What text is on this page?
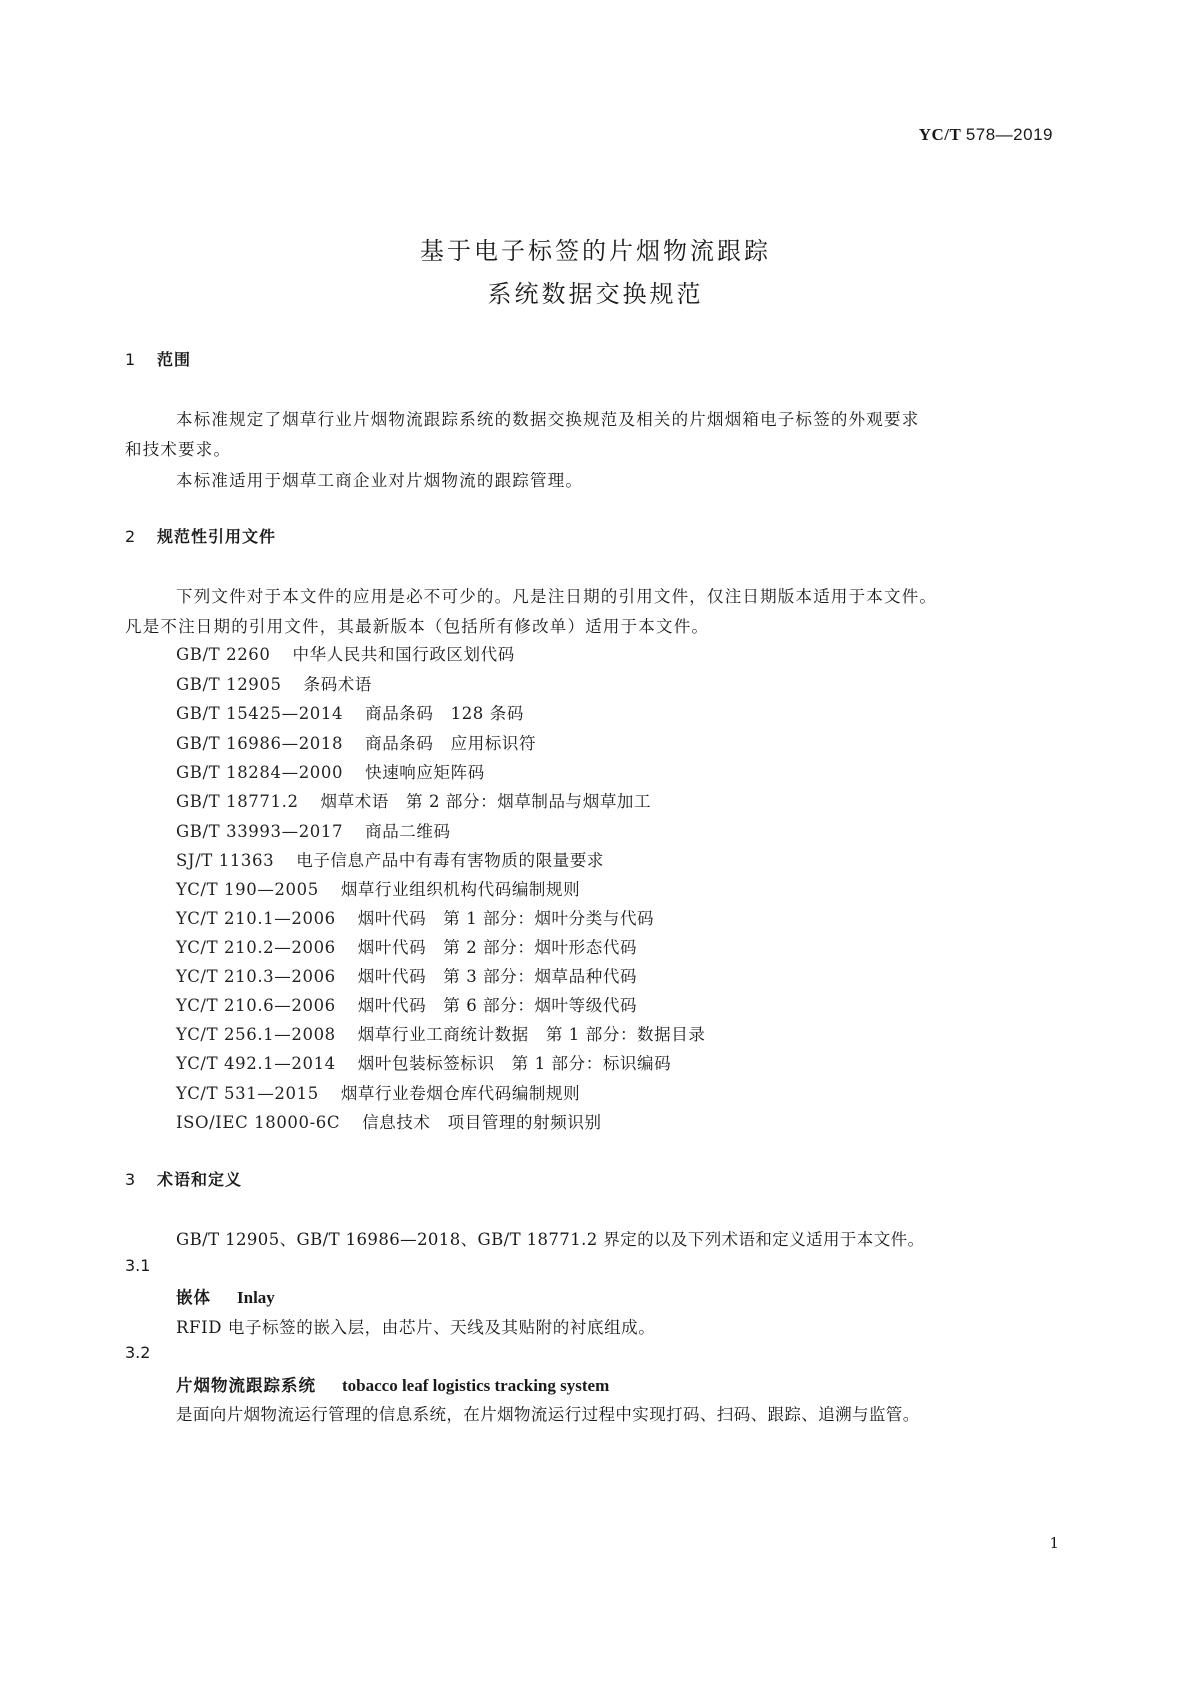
YC/T 578—2019
基于电子标签的片烟物流跟踪
系统数据交换规范
1 范围
本标准规定了烟草行业片烟物流跟踪系统的数据交换规范及相关的片烟烟箱电子标签的外观要求
和技术要求。
本标准适用于烟草工商企业对片烟物流的跟踪管理。
2 规范性引用文件
下列文件对于本文件的应用是必不可少的。凡是注日期的引用文件，仅注日期版本适用于本文件。
凡是不注日期的引用文件，其最新版本（包括所有修改单）适用于本文件。
GB/T 2260 中华人民共和国行政区划代码
GB/T 12905 条码术语
GB/T 15425—2014 商品条码　128 条码
GB/T 16986—2018 商品条码　应用标识符
GB/T 18284—2000 快速响应矩阵码
GB/T 18771.2 烟草术语　第 2 部分：烟草制品与烟草加工
GB/T 33993—2017 商品二维码
SJ/T 11363 电子信息产品中有毒有害物质的限量要求
YC/T 190—2005 烟草行业组织机构代码编制规则
YC/T 210.1—2006 烟叶代码　第 1 部分：烟叶分类与代码
YC/T 210.2—2006 烟叶代码　第 2 部分：烟叶形态代码
YC/T 210.3—2006 烟叶代码　第 3 部分：烟草品种代码
YC/T 210.6—2006 烟叶代码　第 6 部分：烟叶等级代码
YC/T 256.1—2008 烟草行业工商统计数据　第 1 部分：数据目录
YC/T 492.1—2014 烟叶包装标签标识　第 1 部分：标识编码
YC/T 531—2015 烟草行业卷烟仓库代码编制规则
ISO/IEC 18000-6C 信息技术　项目管理的射频识别
3 术语和定义
GB/T 12905、GB/T 16986—2018、GB/T 18771.2 界定的以及下列术语和定义适用于本文件。
3.1
嵌体 Inlay
RFID 电子标签的嵌入层，由芯片、天线及其贴附的衬底组成。
3.2
片烟物流跟踪系统 tobacco leaf logistics tracking system
是面向片烟物流运行管理的信息系统，在片烟物流运行过程中实现打码、扫码、跟踪、追溯与监管。
1
